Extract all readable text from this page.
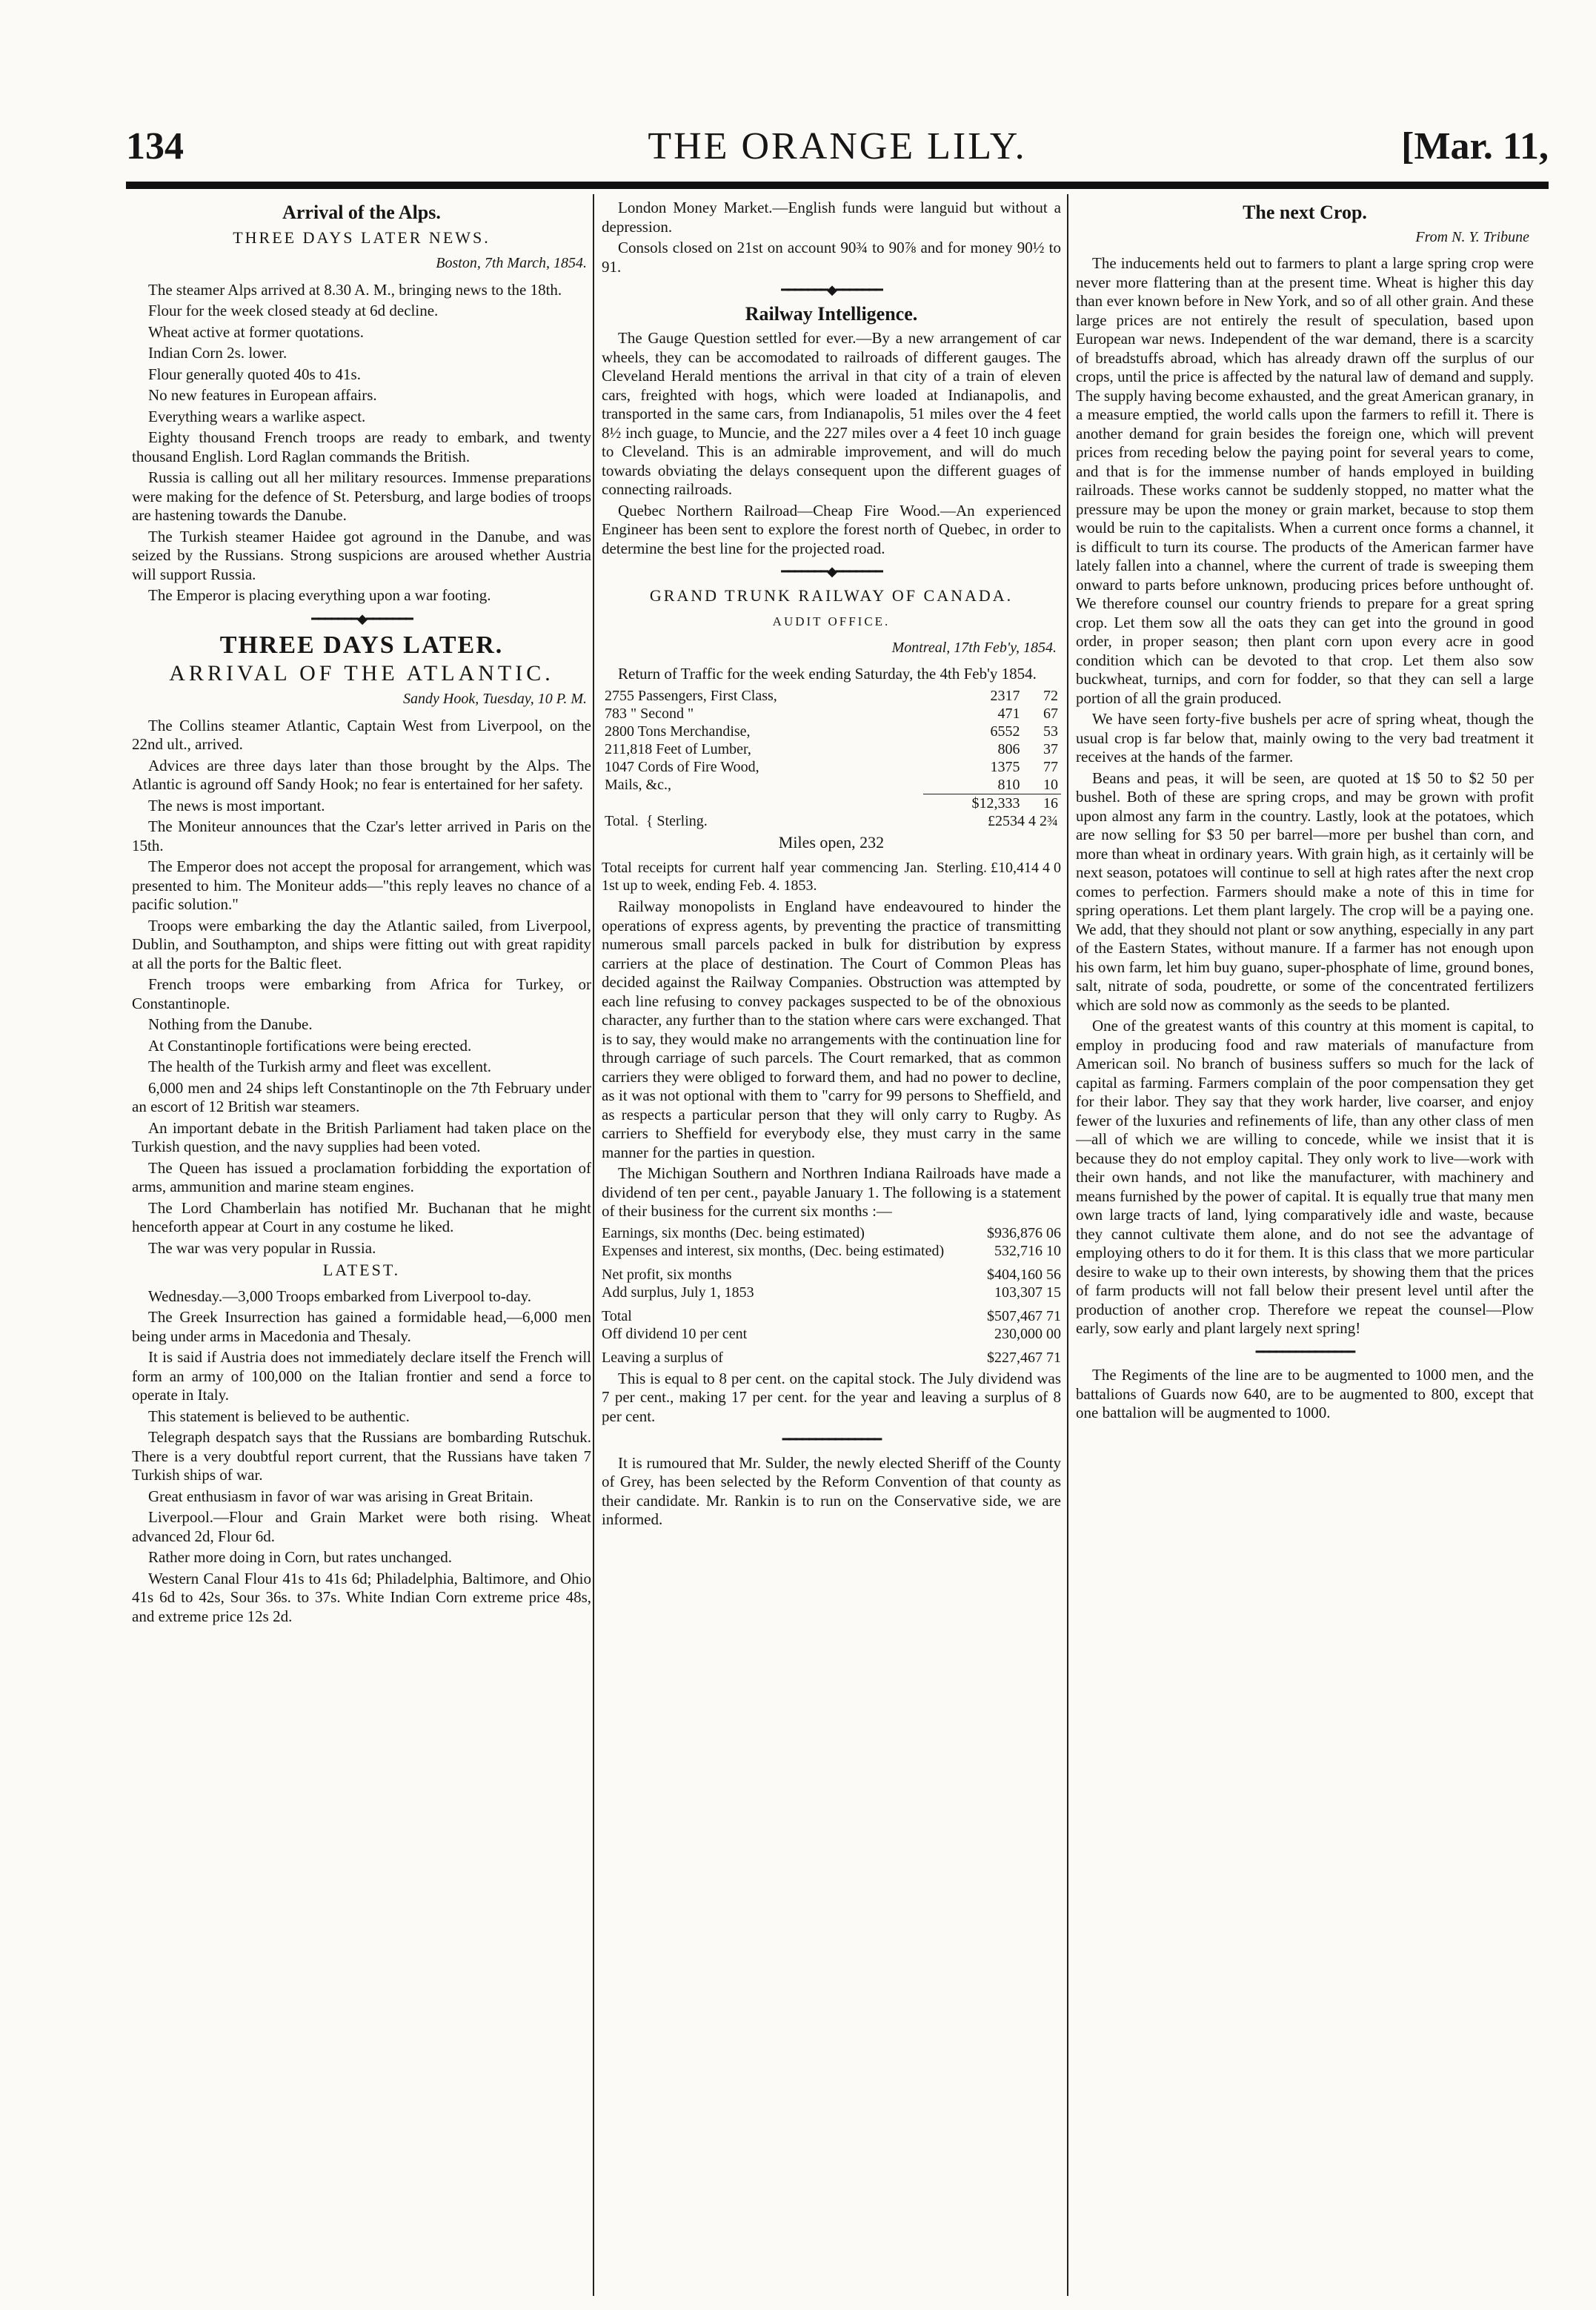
134	THE ORANGE LILY.	[Mar. 11,
Arrival of the Alps.
THREE DAYS LATER NEWS.
Boston, 7th March, 1854.

The steamer Alps arrived at 8.30 A. M., bringing news to the 18th.

Flour for the week closed steady at 6d decline.

Wheat active at former quotations.

Indian Corn 2s. lower.

Flour generally quoted 40s to 41s.

No new features in European affairs.

Everything wears a warlike aspect.

Eighty thousand French troops are ready to embark, and twenty thousand English. Lord Raglan commands the British.

Russia is calling out all her military resources. Immense preparations were making for the defence of St. Petersburg, and large bodies of troops are hastening towards the Danube.

The Turkish steamer Haidee got aground in the Danube, and was seized by the Russians. Strong suspicions are aroused whether Austria will support Russia.

The Emperor is placing everything upon a war footing.

━━━━━━━◆━━━━━━━
THREE DAYS LATER.
ARRIVAL OF THE ATLANTIC.
Sandy Hook, Tuesday, 10 P. M.

The Collins steamer Atlantic, Captain West from Liverpool, on the 22nd ult., arrived.

Advices are three days later than those brought by the Alps. The Atlantic is aground off Sandy Hook; no fear is entertained for her safety.

The news is most important.

The Moniteur announces that the Czar's letter arrived in Paris on the 15th.

The Emperor does not accept the proposal for arrangement, which was presented to him. The Moniteur adds—"this reply leaves no chance of a pacific solution."

Troops were embarking the day the Atlantic sailed, from Liverpool, Dublin, and Southampton, and ships were fitting out with great rapidity at all the ports for the Baltic fleet.

French troops were embarking from Africa for Turkey, or Constantinople.

Nothing from the Danube.

At Constantinople fortifications were being erected.

The health of the Turkish army and fleet was excellent.

6,000 men and 24 ships left Constantinople on the 7th February under an escort of 12 British war steamers.

An important debate in the British Parliament had taken place on the Turkish question, and the navy supplies had been voted.

The Queen has issued a proclamation forbidding the exportation of arms, ammunition and marine steam engines.

The Lord Chamberlain has notified Mr. Buchanan that he might henceforth appear at Court in any costume he liked.

The war was very popular in Russia.

LATEST.

Wednesday.—3,000 Troops embarked from Liverpool to-day.

The Greek Insurrection has gained a formidable head,—6,000 men being under arms in Macedonia and Thesaly.

It is said if Austria does not immediately declare itself the French will form an army of 100,000 on the Italian frontier and send a force to operate in Italy.

This statement is believed to be authentic.

Telegraph despatch says that the Russians are bombarding Rutschuk. There is a very doubtful report current, that the Russians have taken 7 Turkish ships of war.

Great enthusiasm in favor of war was arising in Great Britain.

Liverpool.—Flour and Grain Market were both rising. Wheat advanced 2d, Flour 6d.

Rather more doing in Corn, but rates unchanged.

Western Canal Flour 41s to 41s 6d; Philadelphia, Baltimore, and Ohio 41s 6d to 42s, Sour 36s. to 37s. White Indian Corn extreme price 48s, and extreme price 12s 2d.

London Money Market.—English funds were languid but without a depression.

Consols closed on 21st on account 90¾ to 90⅞ and for money 90½ to 91.

━━━━━━━◆━━━━━━━
Railway Intelligence.

The Gauge Question settled for ever.—By a new arrangement of car wheels, they can be accomodated to railroads of different gauges. The Cleveland Herald mentions the arrival in that city of a train of eleven cars, freighted with hogs, which were loaded at Indianapolis, and transported in the same cars, from Indianapolis, 51 miles over the 4 feet 8½ inch guage, to Muncie, and the 227 miles over a 4 feet 10 inch guage to Cleveland. This is an admirable improvement, and will do much towards obviating the delays consequent upon the different guages of connecting railroads.

Quebec Northern Railroad—Cheap Fire Wood.—An experienced Engineer has been sent to explore the forest north of Quebec, in order to determine the best line for the projected road.

━━━━━━━◆━━━━━━━
GRAND TRUNK RAILWAY OF CANADA.
AUDIT OFFICE.
Montreal, 17th Feb'y, 1854.

Return of Traffic for the week ending Saturday, the 4th Feb'y 1854.

2755 Passengers, First Class,	2317	72
783 " Second "	471	67
2800 Tons Merchandise,	6552	53
211,818 Feet of Lumber,	806	37
1047 Cords of Fire Wood,	1375	77
Mails, &c.,	810	10
	$12,333	16
Total.  { Sterling.	£2534 4 2¾	
Miles open, 232
Total receipts for current half year commencing Jan. 1st up to week, ending Feb. 4. 1853.
Sterling. £10,414 4 0

Railway monopolists in England have endeavoured to hinder the operations of express agents, by preventing the practice of transmitting numerous small parcels packed in bulk for distribution by express carriers at the place of destination. The Court of Common Pleas has decided against the Railway Companies. Obstruction was attempted by each line refusing to convey packages suspected to be of the obnoxious character, any further than to the station where cars were exchanged. That is to say, they would make no arrangements with the continuation line for through carriage of such parcels. The Court remarked, that as common carriers they were obliged to forward them, and had no power to decline, as it was not optional with them to "carry for 99 persons to Sheffield, and as respects a particular person that they will only carry to Rugby. As carriers to Sheffield for everybody else, they must carry in the same manner for the parties in question.

The Michigan Southern and Northren Indiana Railroads have made a dividend of ten per cent., payable January 1. The following is a statement of their business for the current six months :—

Earnings, six months (Dec. being estimated)	$936,876 06
Expenses and interest, six months, (Dec. being estimated)	532,716 10
Net profit, six months	$404,160 56
Add surplus, July 1, 1853	103,307 15
Total	$507,467 71
Off dividend 10 per cent	230,000 00
Leaving a surplus of	$227,467 71

This is equal to 8 per cent. on the capital stock. The July dividend was 7 per cent., making 17 per cent. for the year and leaving a surplus of 8 per cent.

━━━━━━━━━━━━━━━

It is rumoured that Mr. Sulder, the newly elected Sheriff of the County of Grey, has been selected by the Reform Convention of that county as their candidate. Mr. Rankin is to run on the Conservative side, we are informed.

The next Crop.
From N. Y. Tribune

The inducements held out to farmers to plant a large spring crop were never more flattering than at the present time. Wheat is higher this day than ever known before in New York, and so of all other grain. And these large prices are not entirely the result of speculation, based upon European war news. Independent of the war demand, there is a scarcity of breadstuffs abroad, which has already drawn off the surplus of our crops, until the price is affected by the natural law of demand and supply. The supply having become exhausted, and the great American granary, in a measure emptied, the world calls upon the farmers to refill it. There is another demand for grain besides the foreign one, which will prevent prices from receding below the paying point for several years to come, and that is for the immense number of hands employed in building railroads. These works cannot be suddenly stopped, no matter what the pressure may be upon the money or grain market, because to stop them would be ruin to the capitalists. When a current once forms a channel, it is difficult to turn its course. The products of the American farmer have lately fallen into a channel, where the current of trade is sweeping them onward to parts before unknown, producing prices before unthought of. We therefore counsel our country friends to prepare for a great spring crop. Let them sow all the oats they can get into the ground in good order, in proper season; then plant corn upon every acre in good condition which can be devoted to that crop. Let them also sow buckwheat, turnips, and corn for fodder, so that they can sell a large portion of all the grain produced.

We have seen forty-five bushels per acre of spring wheat, though the usual crop is far below that, mainly owing to the very bad treatment it receives at the hands of the farmer.

Beans and peas, it will be seen, are quoted at 1$ 50 to $2 50 per bushel. Both of these are spring crops, and may be grown with profit upon almost any farm in the country. Lastly, look at the potatoes, which are now selling for $3 50 per barrel—more per bushel than corn, and more than wheat in ordinary years. With grain high, as it certainly will be next season, potatoes will continue to sell at high rates after the next crop comes to perfection. Farmers should make a note of this in time for spring operations. Let them plant largely. The crop will be a paying one. We add, that they should not plant or sow anything, especially in any part of the Eastern States, without manure. If a farmer has not enough upon his own farm, let him buy guano, super-phosphate of lime, ground bones, salt, nitrate of soda, poudrette, or some of the concentrated fertilizers which are sold now as commonly as the seeds to be planted.

One of the greatest wants of this country at this moment is capital, to employ in producing food and raw materials of manufacture from American soil. No branch of business suffers so much for the lack of capital as farming. Farmers complain of the poor compensation they get for their labor. They say that they work harder, live coarser, and enjoy fewer of the luxuries and refinements of life, than any other class of men—all of which we are willing to concede, while we insist that it is because they do not employ capital. They only work to live—work with their own hands, and not like the manufacturer, with machinery and means furnished by the power of capital. It is equally true that many men own large tracts of land, lying comparatively idle and waste, because they cannot cultivate them alone, and do not see the advantage of employing others to do it for them. It is this class that we more particular desire to wake up to their own interests, by showing them that the prices of farm products will not fall below their present level until after the production of another crop. Therefore we repeat the counsel—Plow early, sow early and plant largely next spring!

━━━━━━━━━━━━━━━

The Regiments of the line are to be augmented to 1000 men, and the battalions of Guards now 640, are to be augmented to 800, except that one battalion will be augmented to 1000.
